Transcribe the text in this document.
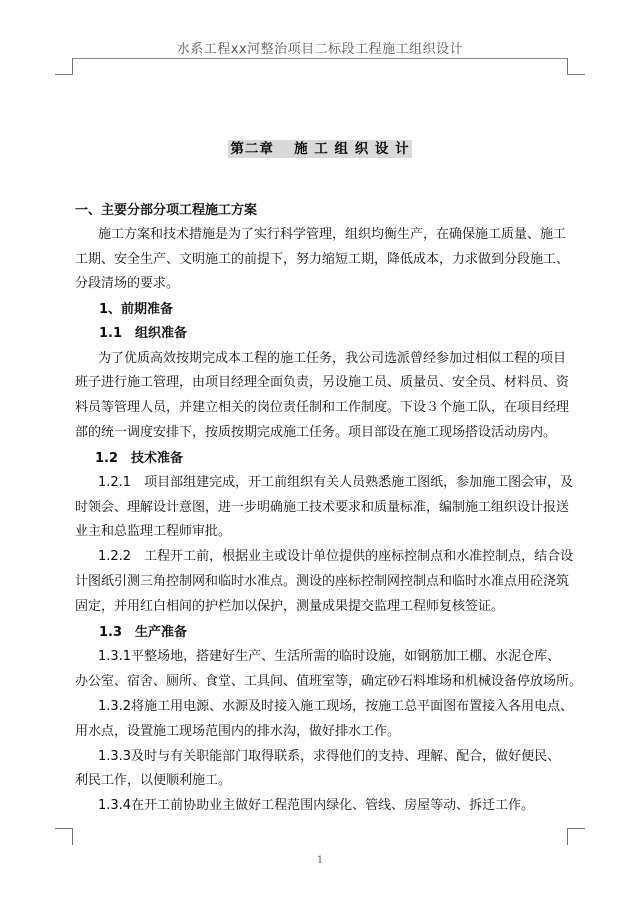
水系工程xx河整治项目二标段工程施工组织设计
第二章　 施 工 组 织 设 计
一、主要分部分项工程施工方案
施工方案和技术措施是为了实行科学管理，组织均衡生产，在确保施工质量、施工
工期、安全生产、文明施工的前提下，努力缩短工期，降低成本，力求做到分段施工、
分段清场的要求。
1、前期准备
1.1　组织准备
为了优质高效按期完成本工程的施工任务，我公司选派曾经参加过相似工程的项目
班子进行施工管理，由项目经理全面负责，另设施工员、质量员、安全员、材料员、资
料员等管理人员，并建立相关的岗位责任制和工作制度。下设３个施工队，在项目经理
部的统一调度安排下，按质按期完成施工任务。项目部设在施工现场搭设活动房内。
1.2　技术准备
1.2.1　项目部组建完成，开工前组织有关人员熟悉施工图纸，参加施工图会审，及
时领会、理解设计意图，进一步明确施工技术要求和质量标准，编制施工组织设计报送
业主和总监理工程师审批。
1.2.2　工程开工前，根据业主或设计单位提供的座标控制点和水准控制点，结合设
计图纸引测三角控制网和临时水准点。测设的座标控制网控制点和临时水准点用砼浇筑
固定，并用红白相间的护栏加以保护，测量成果提交监理工程师复核签证。
1.3　生产准备
1.3.1平整场地，搭建好生产、生活所需的临时设施，如钢筋加工棚、水泥仓库、
办公室、宿舍、厕所、食堂、工具间、值班室等，确定砂石料堆场和机械设备停放场所。
1.3.2将施工用电源、水源及时接入施工现场，按施工总平面图布置接入各用电点、
用水点，设置施工现场范围内的排水沟，做好排水工作。
1.3.3及时与有关职能部门取得联系，求得他们的支持、理解、配合，做好便民、
利民工作，以便顺利施工。
1.3.4在开工前协助业主做好工程范围内绿化、管线、房屋等动、拆迁工作。
1
